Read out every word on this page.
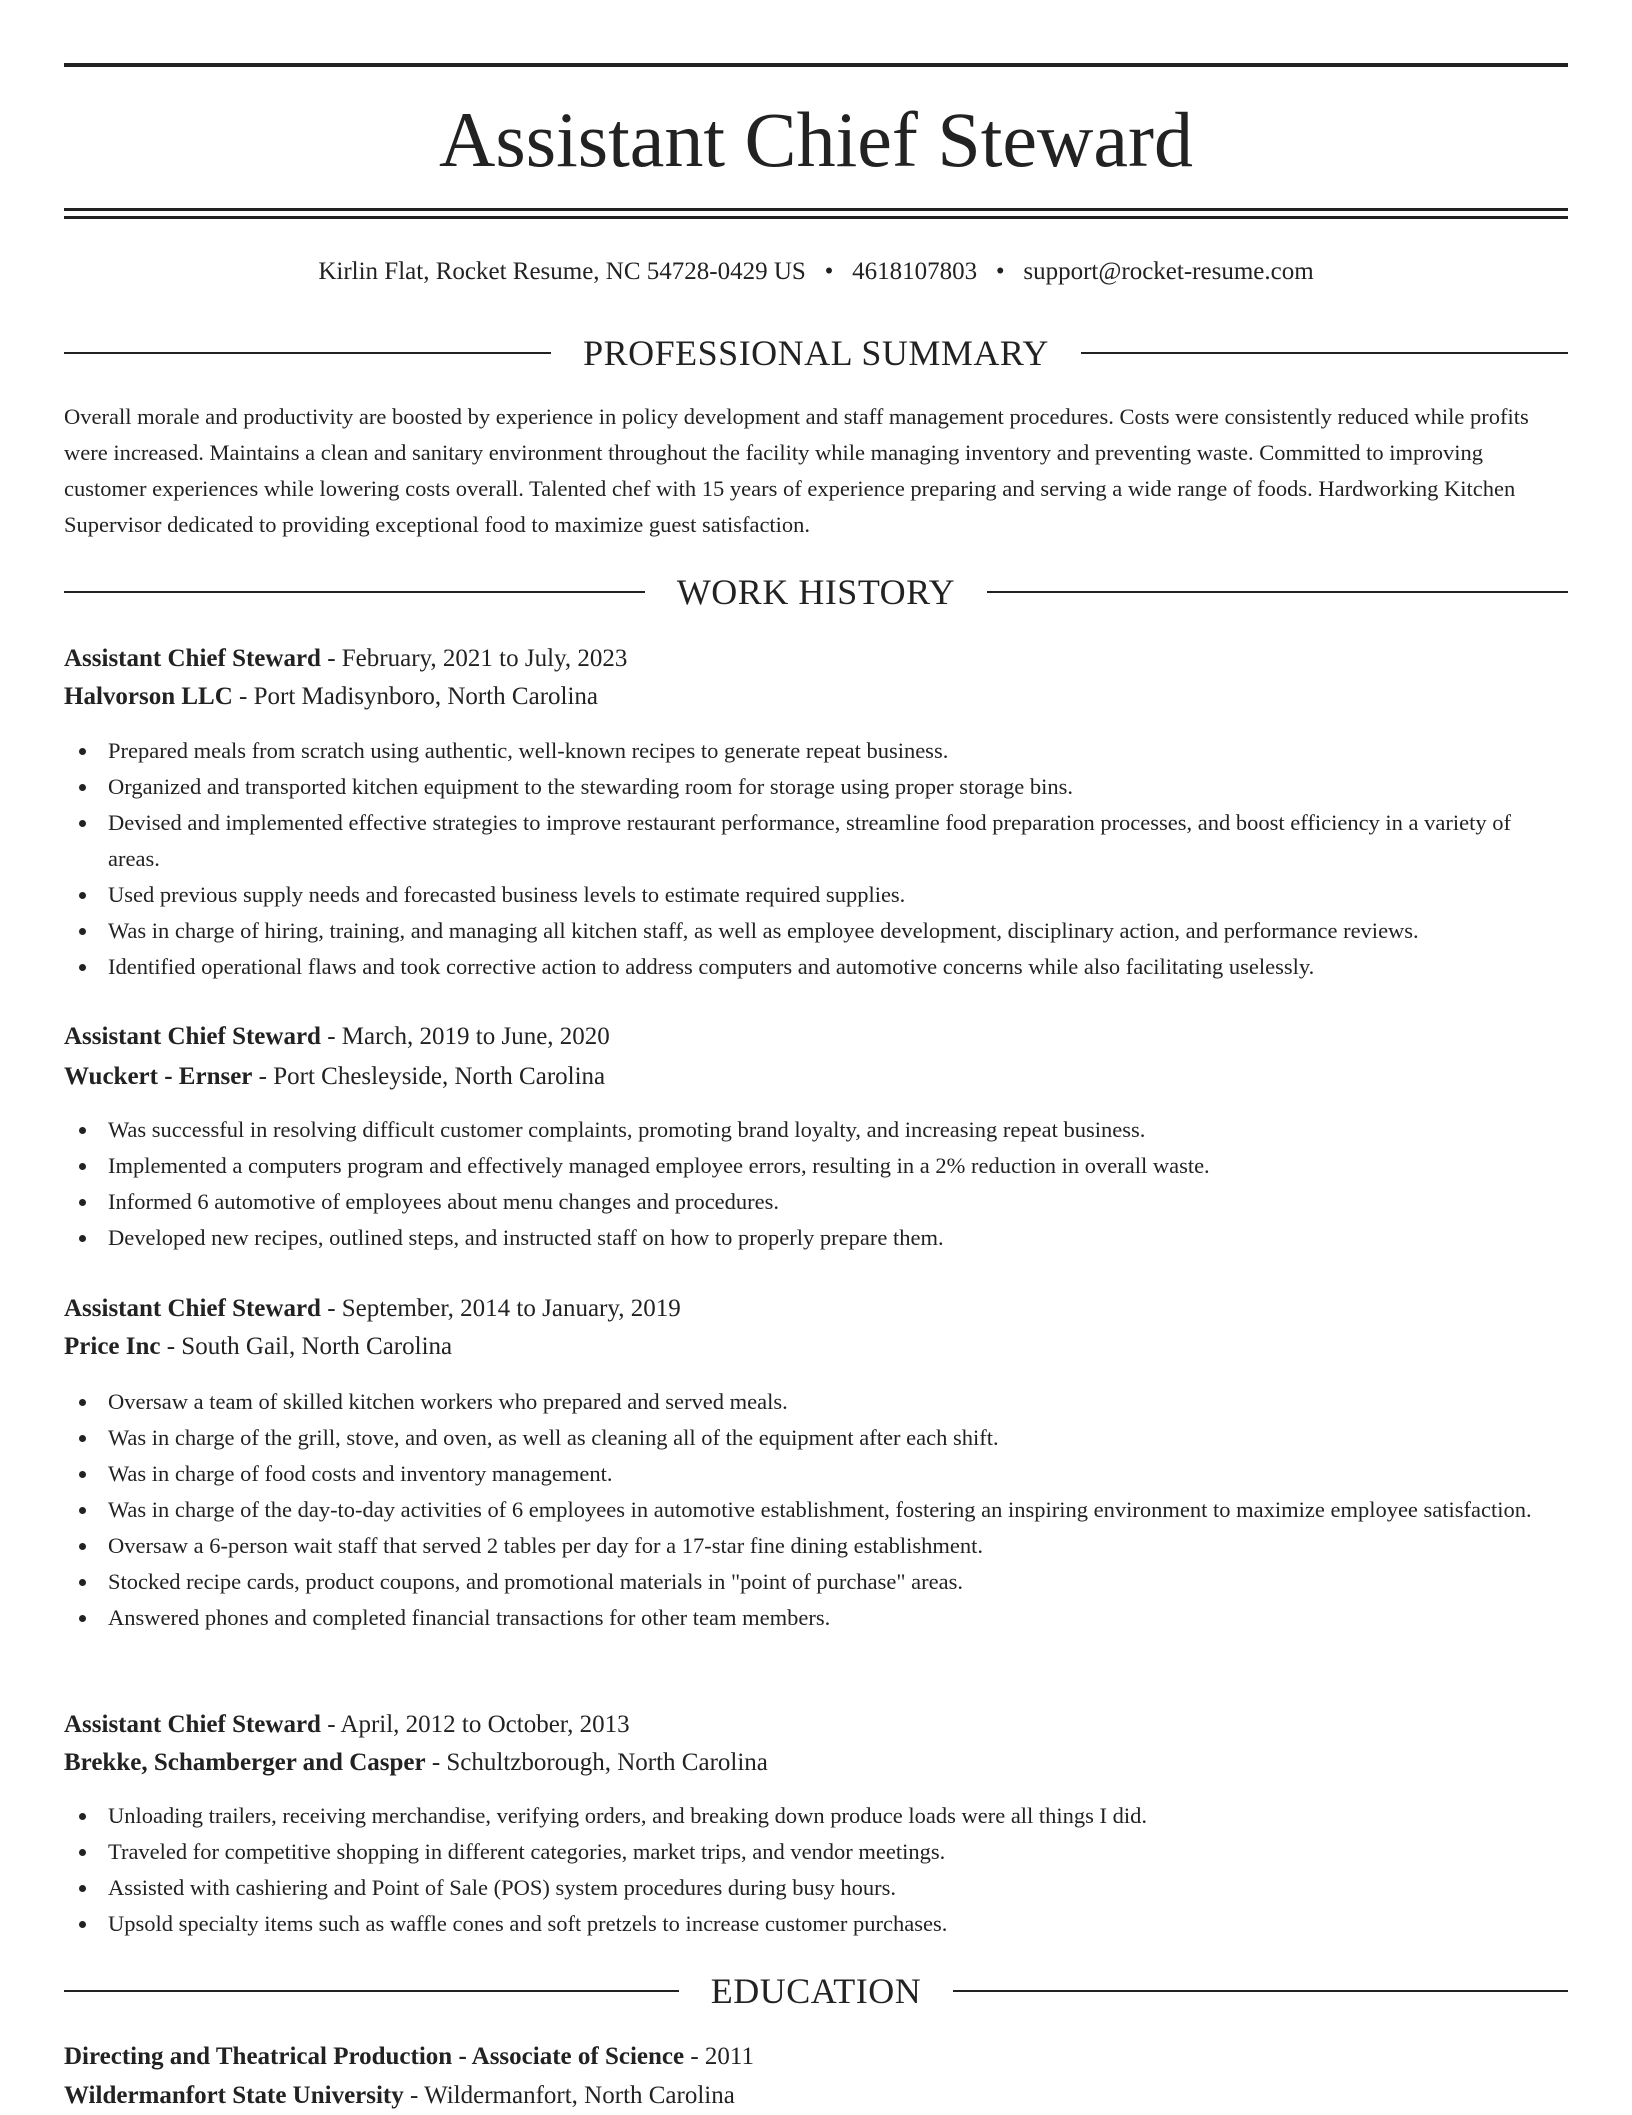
Assistant Chief Steward
Kirlin Flat, Rocket Resume, NC 54728-0429 US • 4618107803 • support@rocket-resume.com
PROFESSIONAL SUMMARY

Overall morale and productivity are boosted by experience in policy development and staff management procedures. Costs were consistently reduced while profits were increased. Maintains a clean and sanitary environment throughout the facility while managing inventory and preventing waste. Committed to improving customer experiences while lowering costs overall. Talented chef with 15 years of experience preparing and serving a wide range of foods. Hardworking Kitchen Supervisor dedicated to providing exceptional food to maximize guest satisfaction.

WORK HISTORY

Assistant Chief Steward - February, 2021 to July, 2023

Halvorson LLC - Port Madisynboro, North Carolina

Prepared meals from scratch using authentic, well-known recipes to generate repeat business.
Organized and transported kitchen equipment to the stewarding room for storage using proper storage bins.
Devised and implemented effective strategies to improve restaurant performance, streamline food preparation processes, and boost efficiency in a variety of areas.
Used previous supply needs and forecasted business levels to estimate required supplies.
Was in charge of hiring, training, and managing all kitchen staff, as well as employee development, disciplinary action, and performance reviews.
Identified operational flaws and took corrective action to address computers and automotive concerns while also facilitating uselessly.

Assistant Chief Steward - March, 2019 to June, 2020

Wuckert - Ernser - Port Chesleyside, North Carolina

Was successful in resolving difficult customer complaints, promoting brand loyalty, and increasing repeat business.
Implemented a computers program and effectively managed employee errors, resulting in a 2% reduction in overall waste.
Informed 6 automotive of employees about menu changes and procedures.
Developed new recipes, outlined steps, and instructed staff on how to properly prepare them.

Assistant Chief Steward - September, 2014 to January, 2019

Price Inc - South Gail, North Carolina

Oversaw a team of skilled kitchen workers who prepared and served meals.
Was in charge of the grill, stove, and oven, as well as cleaning all of the equipment after each shift.
Was in charge of food costs and inventory management.
Was in charge of the day-to-day activities of 6 employees in automotive establishment, fostering an inspiring environment to maximize employee satisfaction.
Oversaw a 6-person wait staff that served 2 tables per day for a 17-star fine dining establishment.
Stocked recipe cards, product coupons, and promotional materials in "point of purchase" areas.
Answered phones and completed financial transactions for other team members.

Assistant Chief Steward - April, 2012 to October, 2013

Brekke, Schamberger and Casper - Schultzborough, North Carolina

Unloading trailers, receiving merchandise, verifying orders, and breaking down produce loads were all things I did.
Traveled for competitive shopping in different categories, market trips, and vendor meetings.
Assisted with cashiering and Point of Sale (POS) system procedures during busy hours.
Upsold specialty items such as waffle cones and soft pretzels to increase customer purchases.
EDUCATION

Directing and Theatrical Production - Associate of Science - 2011

Wildermanfort State University - Wildermanfort, North Carolina
